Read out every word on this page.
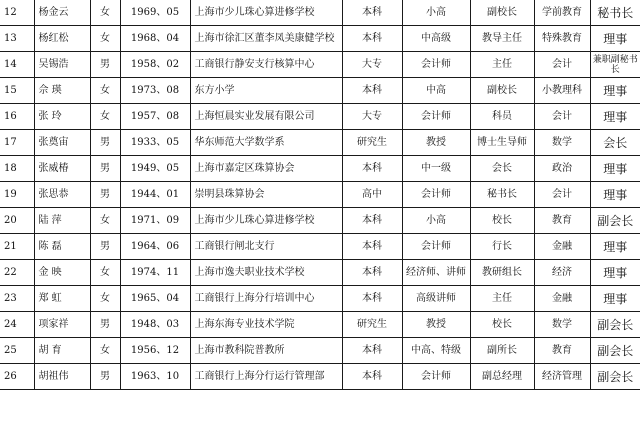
12	杨金云	女	1969、05	上海市少儿珠心算进修学校	本科	小高	副校长	学前教育	秘书长
13	杨红松	女	1968、04	上海市徐汇区董李凤美康健学校	本科	中高级	教导主任	特殊教育	理事
14	吴锡浩	男	1958、02	工商银行静安支行核算中心	大专	会计师	主任	会计	兼职副秘书长
15	佘 瑛	女	1973、08	东方小学	本科	中高	副校长	小教理科	理事
16	张 玲	女	1957、08	上海恒晨实业发展有限公司	大专	会计师	科员	会计	理事
17	张奠宙	男	1933、05	华东师范大学数学系	研究生	教授	博士生导师	数学	会长
18	张威椿	男	1949、05	上海市嘉定区珠算协会	本科	中一级	会长	政治	理事
19	张思恭	男	1944、01	崇明县珠算协会	高中	会计师	秘书长	会计	理事
20	陆 萍	女	1971、09	上海市少儿珠心算进修学校	本科	小高	校长	教育	副会长
21	陈 磊	男	1964、06	工商银行闸北支行	本科	会计师	行长	金融	理事
22	金 映	女	1974、11	上海市逸夫职业技术学校	本科	经济师、讲师	教研组长	经济	理事
23	郑 虹	女	1965、04	工商银行上海分行培训中心	本科	高级讲师	主任	金融	理事
24	项家祥	男	1948、03	上海东海专业技术学院	研究生	教授	校长	数学	副会长
25	胡 育	女	1956、12	上海市教科院普教所	本科	中高、特级	副所长	教育	副会长
26	胡祖伟	男	1963、10	工商银行上海分行运行管理部	本科	会计师	副总经理	经济管理	副会长
